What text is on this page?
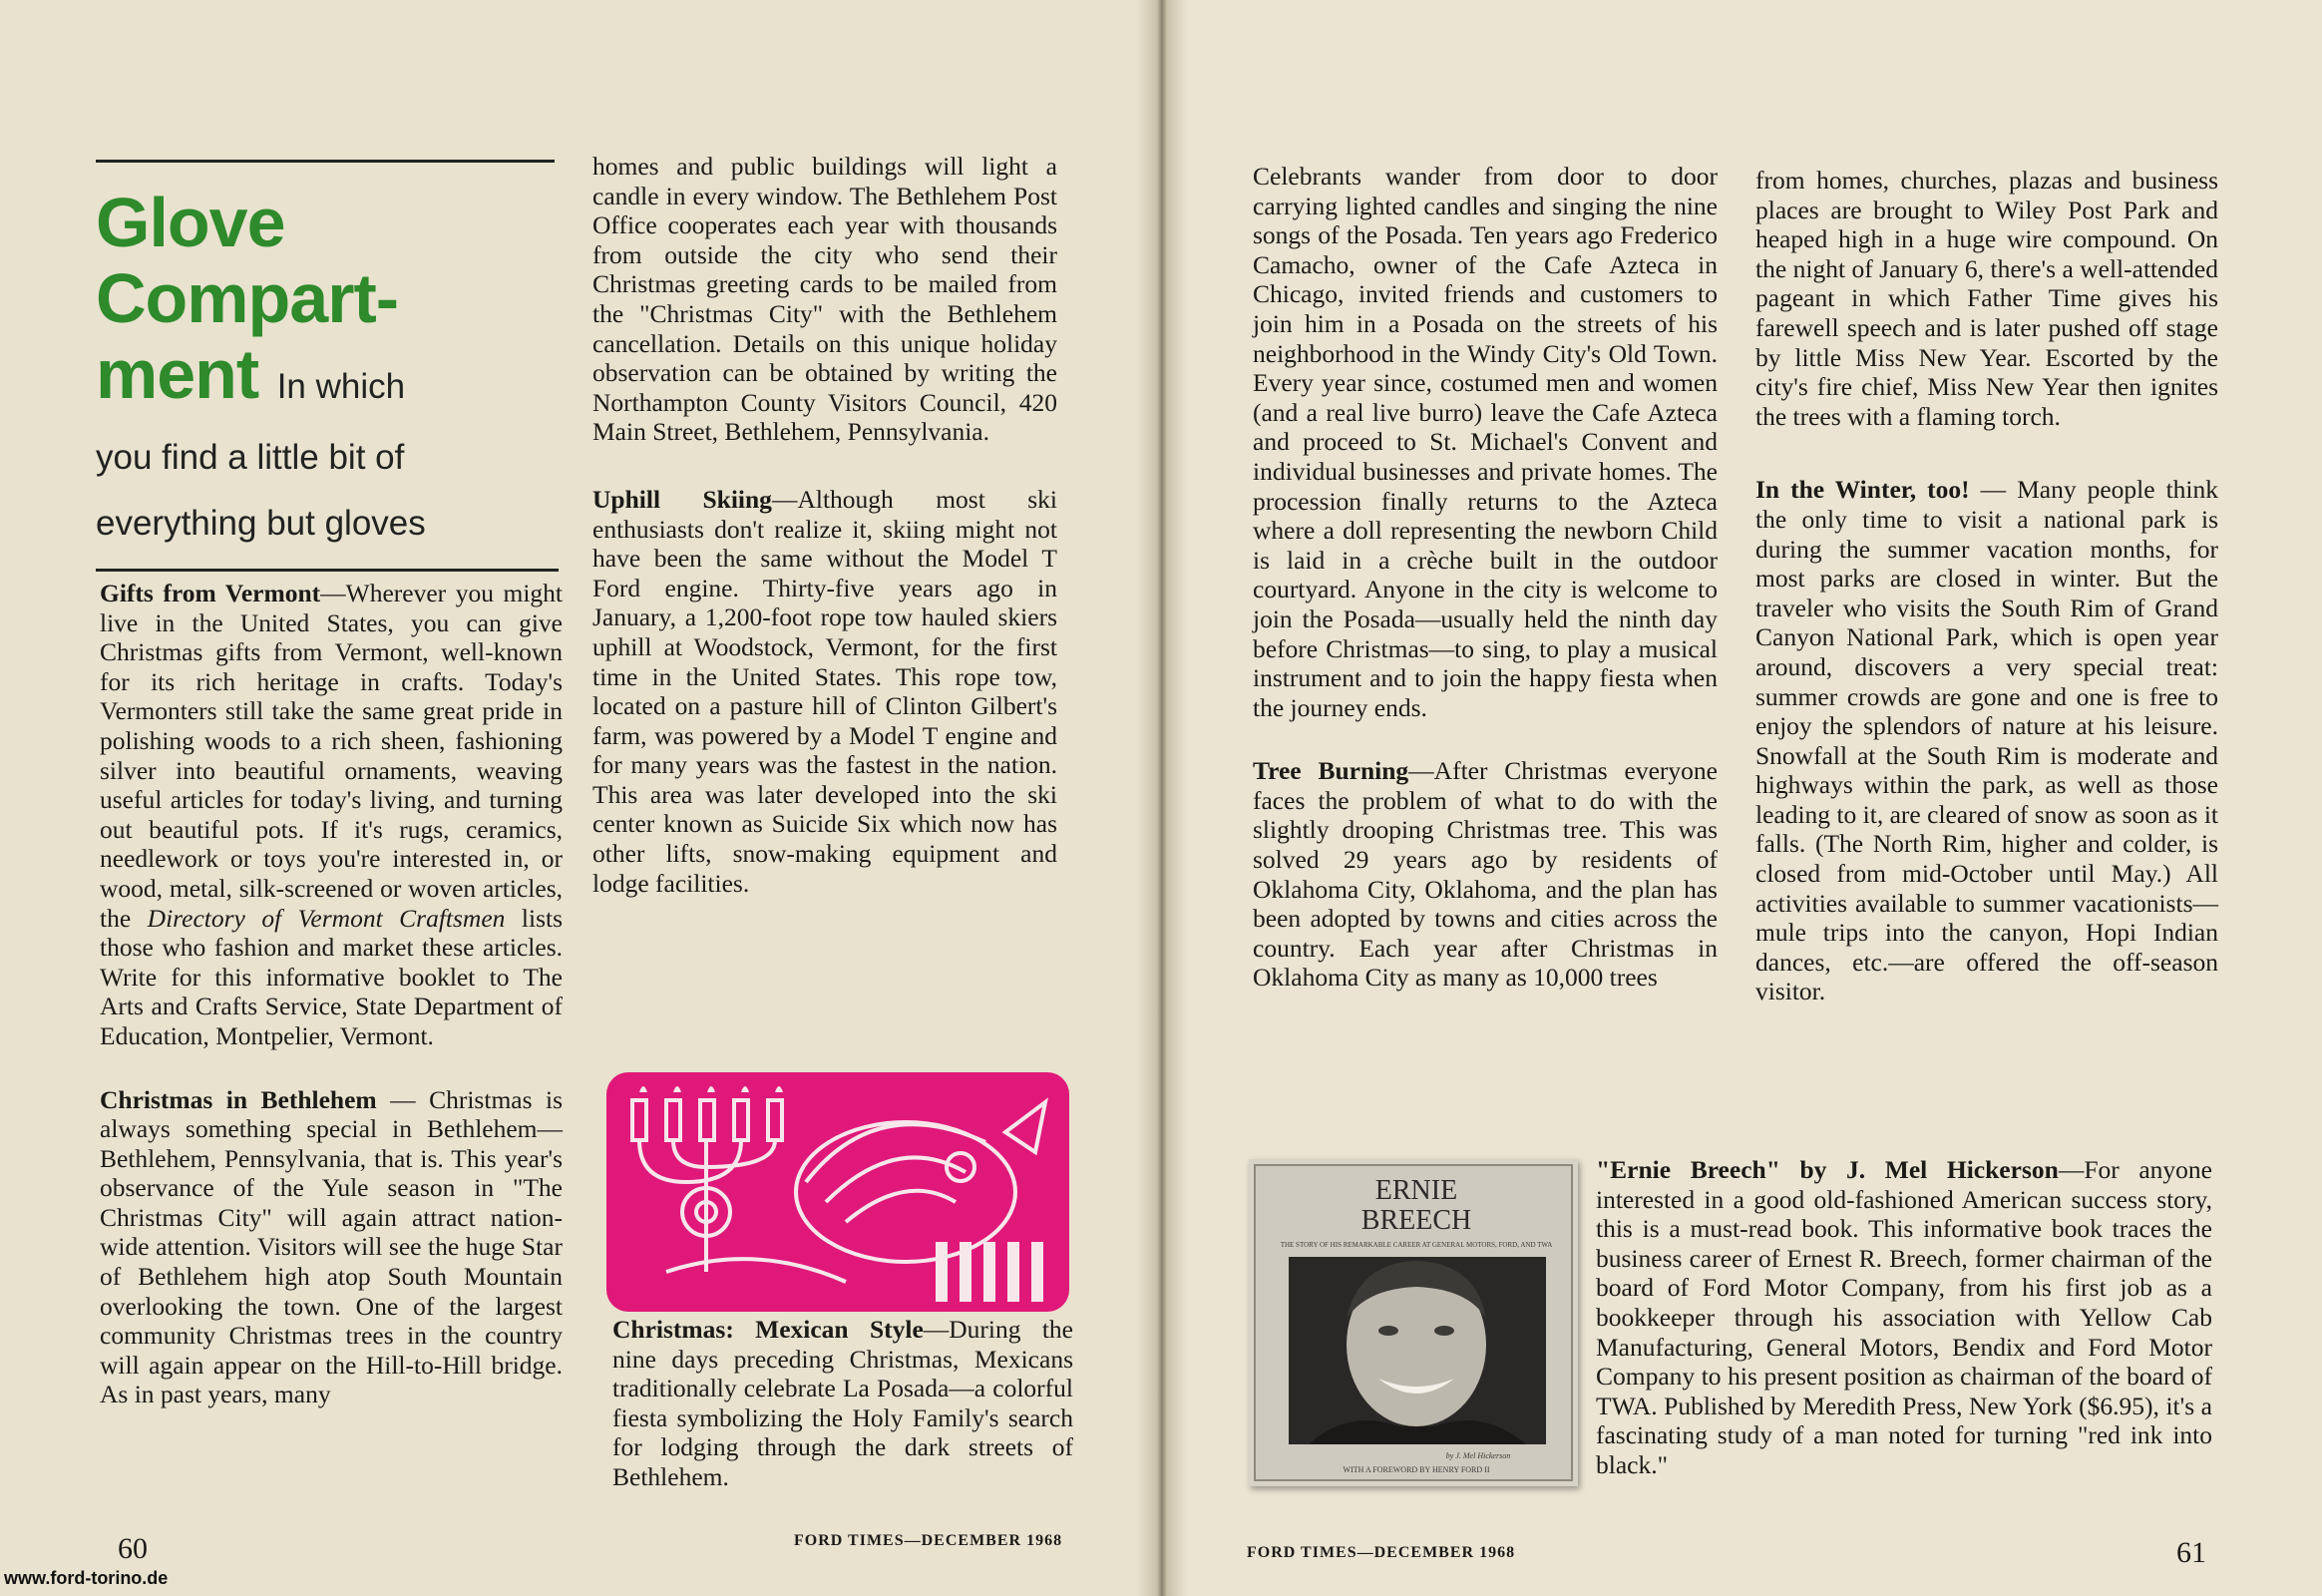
Glove
Compart-
ment In which
you find a little bit of
everything but gloves

Gifts from Vermont—Wherever you might live in the United States, you can give Christmas gifts from Vermont, well-known for its rich heritage in crafts. Today's Vermonters still take the same great pride in polishing woods to a rich sheen, fashioning silver into beautiful ornaments, weaving useful articles for today's living, and turning out beautiful pots. If it's rugs, ceramics, needlework or toys you're interested in, or wood, metal, silk-screened or woven articles, the Directory of Vermont Craftsmen lists those who fashion and market these articles. Write for this informative booklet to The Arts and Crafts Service, State Department of Education, Montpelier, Vermont.

Christmas in Bethlehem — Christmas is always something special in Bethlehem—Bethlehem, Pennsylvania, that is. This year's observance of the Yule season in "The Christmas City" will again attract nation-wide attention. Visitors will see the huge Star of Bethlehem high atop South Mountain overlooking the town. One of the largest community Christmas trees in the country will again appear on the Hill-to-Hill bridge. As in past years, many

homes and public buildings will light a candle in every window. The Bethlehem Post Office cooperates each year with thousands from outside the city who send their Christmas greeting cards to be mailed from the "Christmas City" with the Bethlehem cancellation. Details on this unique holiday observation can be obtained by writing the Northampton County Visitors Council, 420 Main Street, Bethlehem, Pennsylvania.

Uphill Skiing—Although most ski enthusiasts don't realize it, skiing might not have been the same without the Model T Ford engine. Thirty-five years ago in January, a 1,200-foot rope tow hauled skiers uphill at Woodstock, Vermont, for the first time in the United States. This rope tow, located on a pasture hill of Clinton Gilbert's farm, was powered by a Model T engine and for many years was the fastest in the nation. This area was later developed into the ski center known as Suicide Six which now has other lifts, snow-making equipment and lodge facilities.

Christmas: Mexican Style—During the nine days preceding Christmas, Mexicans traditionally celebrate La Posada—a colorful fiesta symbolizing the Holy Family's search for lodging through the dark streets of Bethlehem.

60	FORD TIMES—DECEMBER 1968
www.ford-torino.de

Celebrants wander from door to door carrying lighted candles and singing the nine songs of the Posada. Ten years ago Frederico Camacho, owner of the Cafe Azteca in Chicago, invited friends and customers to join him in a Posada on the streets of his neighborhood in the Windy City's Old Town. Every year since, costumed men and women (and a real live burro) leave the Cafe Azteca and proceed to St. Michael's Convent and individual businesses and private homes. The procession finally returns to the Azteca where a doll representing the newborn Child is laid in a crèche built in the outdoor courtyard. Anyone in the city is welcome to join the Posada—usually held the ninth day before Christmas—to sing, to play a musical instrument and to join the happy fiesta when the journey ends.

Tree Burning—After Christmas everyone faces the problem of what to do with the slightly drooping Christmas tree. This was solved 29 years ago by residents of Oklahoma City, Oklahoma, and the plan has been adopted by towns and cities across the country. Each year after Christmas in Oklahoma City as many as 10,000 trees

from homes, churches, plazas and business places are brought to Wiley Post Park and heaped high in a huge wire compound. On the night of January 6, there's a well-attended pageant in which Father Time gives his farewell speech and is later pushed off stage by little Miss New Year. Escorted by the city's fire chief, Miss New Year then ignites the trees with a flaming torch.

In the Winter, too! — Many people think the only time to visit a national park is during the summer vacation months, for most parks are closed in winter. But the traveler who visits the South Rim of Grand Canyon National Park, which is open year around, discovers a very special treat: summer crowds are gone and one is free to enjoy the splendors of nature at his leisure. Snowfall at the South Rim is moderate and highways within the park, as well as those leading to it, are cleared of snow as soon as it falls. (The North Rim, higher and colder, is closed from mid-October until May.) All activities available to summer vacationists—mule trips into the canyon, Hopi Indian dances, etc.—are offered the off-season visitor.

ERNIE
BREECH
THE STORY OF HIS REMARKABLE CAREER AT GENERAL MOTORS, FORD, AND TWA
by J. Mel Hickerson
WITH A FOREWORD BY HENRY FORD II

"Ernie Breech" by J. Mel Hickerson—For anyone interested in a good old-fashioned American success story, this is a must-read book. This informative book traces the business career of Ernest R. Breech, former chairman of the board of Ford Motor Company, from his first job as a bookkeeper through his association with Yellow Cab Manufacturing, General Motors, Bendix and Ford Motor Company to his present position as chairman of the board of TWA. Published by Meredith Press, New York ($6.95), it's a fascinating study of a man noted for turning "red ink into black."

FORD TIMES—DECEMBER 1968	61
